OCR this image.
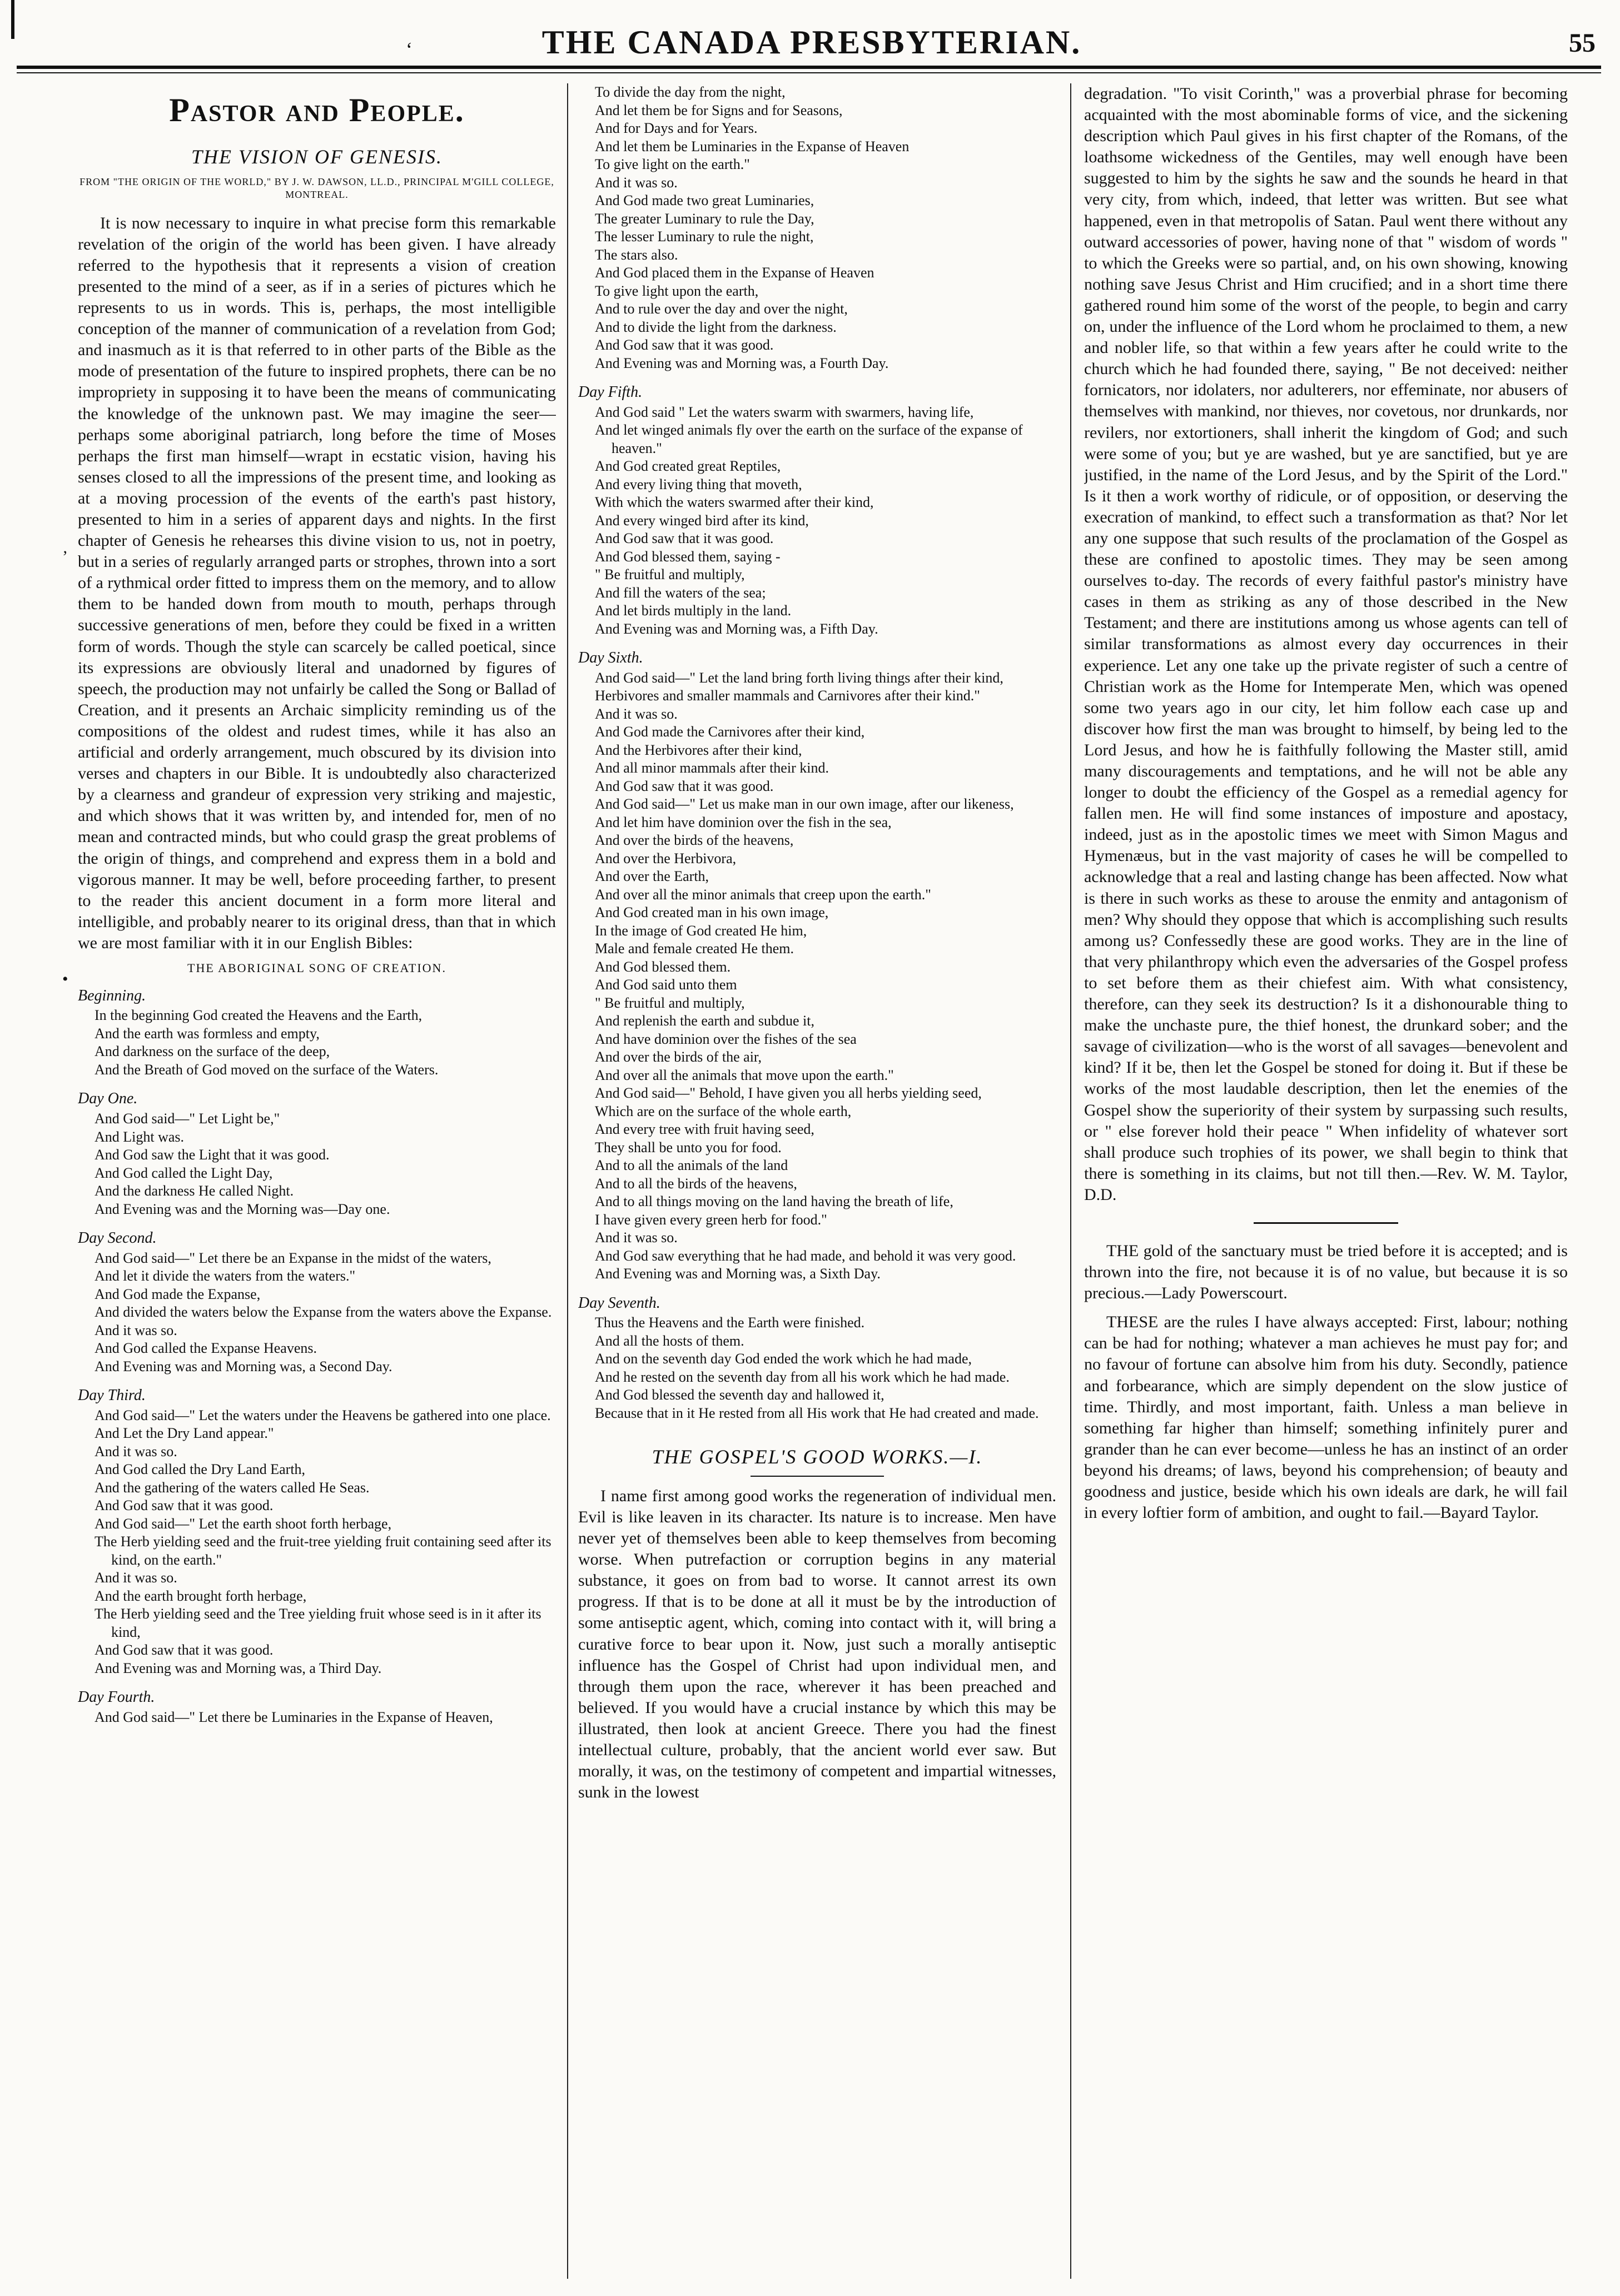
‘	THE CANADA PRESBYTERIAN.	55
Pastor and People.
THE VISION OF GENESIS.
FROM "THE ORIGIN OF THE WORLD," BY J. W. DAWSON, LL.D., PRINCIPAL M'GILL COLLEGE, MONTREAL.

It is now necessary to inquire in what precise form this remarkable revelation of the origin of the world has been given. I have already referred to the hypothesis that it represents a vision of creation presented to the mind of a seer, as if in a series of pictures which he represents to us in words. This is, perhaps, the most intelligible conception of the manner of communication of a revelation from God; and inasmuch as it is that referred to in other parts of the Bible as the mode of presentation of the future to inspired prophets, there can be no impropriety in supposing it to have been the means of communicating the knowledge of the unknown past. We may imagine the seer—perhaps some aboriginal patriarch, long before the time of Moses perhaps the first man himself—wrapt in ecstatic vision, having his senses closed to all the impressions of the present time, and looking as at a moving procession of the events of the earth's past history, presented to him in a series of apparent days and nights. In the first chapter of Genesis he rehearses this divine vision to us, not in poetry, but in a series of regularly arranged parts or strophes, thrown into a sort of a rythmical order fitted to impress them on the memory, and to allow them to be handed down from mouth to mouth, perhaps through successive generations of men, before they could be fixed in a written form of words. Though the style can scarcely be called poetical, since its expressions are obviously literal and unadorned by figures of speech, the production may not unfairly be called the Song or Ballad of Creation, and it presents an Archaic simplicity reminding us of the compositions of the oldest and rudest times, while it has also an artificial and orderly arrangement, much obscured by its division into verses and chapters in our Bible. It is undoubtedly also characterized by a clearness and grandeur of expression very striking and majestic, and which shows that it was written by, and intended for, men of no mean and contracted minds, but who could grasp the great problems of the origin of things, and comprehend and express them in a bold and vigorous manner. It may be well, before proceeding farther, to present to the reader this ancient document in a form more literal and intelligible, and probably nearer to its original dress, than that in which we are most familiar with it in our English Bibles:

THE ABORIGINAL SONG OF CREATION.
Beginning.

In the beginning God created the Heavens and the Earth,

And the earth was formless and empty,

And darkness on the surface of the deep,

And the Breath of God moved on the surface of the Waters.

Day One.

And God said—" Let Light be,"

And Light was.

And God saw the Light that it was good.

And God called the Light Day,

And the darkness He called Night.

And Evening was and the Morning was—Day one.

Day Second.

And God said—" Let there be an Expanse in the midst of the waters,

And let it divide the waters from the waters."

And God made the Expanse,

And divided the waters below the Expanse from the waters above the Expanse.

And it was so.

And God called the Expanse Heavens.

And Evening was and Morning was, a Second Day.

Day Third.

And God said—" Let the waters under the Heavens be gathered into one place.

And Let the Dry Land appear."

And it was so.

And God called the Dry Land Earth,

And the gathering of the waters called He Seas.

And God saw that it was good.

And God said—" Let the earth shoot forth herbage,

The Herb yielding seed and the fruit-tree yielding fruit containing seed after its kind, on the earth."

And it was so.

And the earth brought forth herbage,

The Herb yielding seed and the Tree yielding fruit whose seed is in it after its kind,

And God saw that it was good.

And Evening was and Morning was, a Third Day.

Day Fourth.

And God said—" Let there be Luminaries in the Expanse of Heaven,

To divide the day from the night,

And let them be for Signs and for Seasons,

And for Days and for Years.

And let them be Luminaries in the Expanse of Heaven

To give light on the earth."

And it was so.

And God made two great Luminaries,

The greater Luminary to rule the Day,

The lesser Luminary to rule the night,

The stars also.

And God placed them in the Expanse of Heaven

To give light upon the earth,

And to rule over the day and over the night,

And to divide the light from the darkness.

And God saw that it was good.

And Evening was and Morning was, a Fourth Day.

Day Fifth.

And God said " Let the waters swarm with swarmers, having life,

And let winged animals fly over the earth on the surface of the expanse of heaven."

And God created great Reptiles,

And every living thing that moveth,

With which the waters swarmed after their kind,

And every winged bird after its kind,

And God saw that it was good.

And God blessed them, saying -

" Be fruitful and multiply,

And fill the waters of the sea;

And let birds multiply in the land.

And Evening was and Morning was, a Fifth Day.

Day Sixth.

And God said—" Let the land bring forth living things after their kind,

Herbivores and smaller mammals and Carnivores after their kind."

And it was so.

And God made the Carnivores after their kind,

And the Herbivores after their kind,

And all minor mammals after their kind.

And God saw that it was good.

And God said—" Let us make man in our own image, after our likeness,

And let him have dominion over the fish in the sea,

And over the birds of the heavens,

And over the Herbivora,

And over the Earth,

And over all the minor animals that creep upon the earth."

And God created man in his own image,

In the image of God created He him,

Male and female created He them.

And God blessed them.

And God said unto them

" Be fruitful and multiply,

And replenish the earth and subdue it,

And have dominion over the fishes of the sea

And over the birds of the air,

And over all the animals that move upon the earth."

And God said—" Behold, I have given you all herbs yielding seed,

Which are on the surface of the whole earth,

And every tree with fruit having seed,

They shall be unto you for food.

And to all the animals of the land

And to all the birds of the heavens,

And to all things moving on the land having the breath of life,

I have given every green herb for food."

And it was so.

And God saw everything that he had made, and behold it was very good.

And Evening was and Morning was, a Sixth Day.

Day Seventh.

Thus the Heavens and the Earth were finished.

And all the hosts of them.

And on the seventh day God ended the work which he had made,

And he rested on the seventh day from all his work which he had made.

And God blessed the seventh day and hallowed it,

Because that in it He rested from all His work that He had created and made.

THE GOSPEL'S GOOD WORKS.—I.

I name first among good works the regeneration of individual men. Evil is like leaven in its character. Its nature is to increase. Men have never yet of themselves been able to keep themselves from becoming worse. When putrefaction or corruption begins in any material substance, it goes on from bad to worse. It cannot arrest its own progress. If that is to be done at all it must be by the introduction of some antiseptic agent, which, coming into contact with it, will bring a curative force to bear upon it. Now, just such a morally antiseptic influence has the Gospel of Christ had upon individual men, and through them upon the race, wherever it has been preached and believed. If you would have a crucial instance by which this may be illustrated, then look at ancient Greece. There you had the finest intellectual culture, probably, that the ancient world ever saw. But morally, it was, on the testimony of competent and impartial witnesses, sunk in the lowest

degradation. "To visit Corinth," was a proverbial phrase for becoming acquainted with the most abominable forms of vice, and the sickening description which Paul gives in his first chapter of the Romans, of the loathsome wickedness of the Gentiles, may well enough have been suggested to him by the sights he saw and the sounds he heard in that very city, from which, indeed, that letter was written. But see what happened, even in that metropolis of Satan. Paul went there without any outward accessories of power, having none of that " wisdom of words " to which the Greeks were so partial, and, on his own showing, knowing nothing save Jesus Christ and Him crucified; and in a short time there gathered round him some of the worst of the people, to begin and carry on, under the influence of the Lord whom he proclaimed to them, a new and nobler life, so that within a few years after he could write to the church which he had founded there, saying, " Be not deceived: neither fornicators, nor idolaters, nor adulterers, nor effeminate, nor abusers of themselves with mankind, nor thieves, nor covetous, nor drunkards, nor revilers, nor extortioners, shall inherit the kingdom of God; and such were some of you; but ye are washed, but ye are sanctified, but ye are justified, in the name of the Lord Jesus, and by the Spirit of the Lord." Is it then a work worthy of ridicule, or of opposition, or deserving the execration of mankind, to effect such a transformation as that? Nor let any one suppose that such results of the proclamation of the Gospel as these are confined to apostolic times. They may be seen among ourselves to-day. The records of every faithful pastor's ministry have cases in them as striking as any of those described in the New Testament; and there are institutions among us whose agents can tell of similar transformations as almost every day occurrences in their experience. Let any one take up the private register of such a centre of Christian work as the Home for Intemperate Men, which was opened some two years ago in our city, let him follow each case up and discover how first the man was brought to himself, by being led to the Lord Jesus, and how he is faithfully following the Master still, amid many discouragements and temptations, and he will not be able any longer to doubt the efficiency of the Gospel as a remedial agency for fallen men. He will find some instances of imposture and apostacy, indeed, just as in the apostolic times we meet with Simon Magus and Hymenæus, but in the vast majority of cases he will be compelled to acknowledge that a real and lasting change has been affected. Now what is there in such works as these to arouse the enmity and antagonism of men? Why should they oppose that which is accomplishing such results among us? Confessedly these are good works. They are in the line of that very philanthropy which even the adversaries of the Gospel profess to set before them as their chiefest aim. With what consistency, therefore, can they seek its destruction? Is it a dishonourable thing to make the unchaste pure, the thief honest, the drunkard sober; and the savage of civilization—who is the worst of all savages—benevolent and kind? If it be, then let the Gospel be stoned for doing it. But if these be works of the most laudable description, then let the enemies of the Gospel show the superiority of their system by surpassing such results, or " else forever hold their peace " When infidelity of whatever sort shall produce such trophies of its power, we shall begin to think that there is something in its claims, but not till then.—Rev. W. M. Taylor, D.D.

THE gold of the sanctuary must be tried before it is accepted; and is thrown into the fire, not because it is of no value, but because it is so precious.—Lady Powerscourt.

THESE are the rules I have always accepted: First, labour; nothing can be had for nothing; whatever a man achieves he must pay for; and no favour of fortune can absolve him from his duty. Secondly, patience and forbearance, which are simply dependent on the slow justice of time. Thirdly, and most important, faith. Unless a man believe in something far higher than himself; something infinitely purer and grander than he can ever become—unless he has an instinct of an order beyond his dreams; of laws, beyond his comprehension; of beauty and goodness and justice, beside which his own ideals are dark, he will fail in every loftier form of ambition, and ought to fail.—Bayard Taylor.

’
•
